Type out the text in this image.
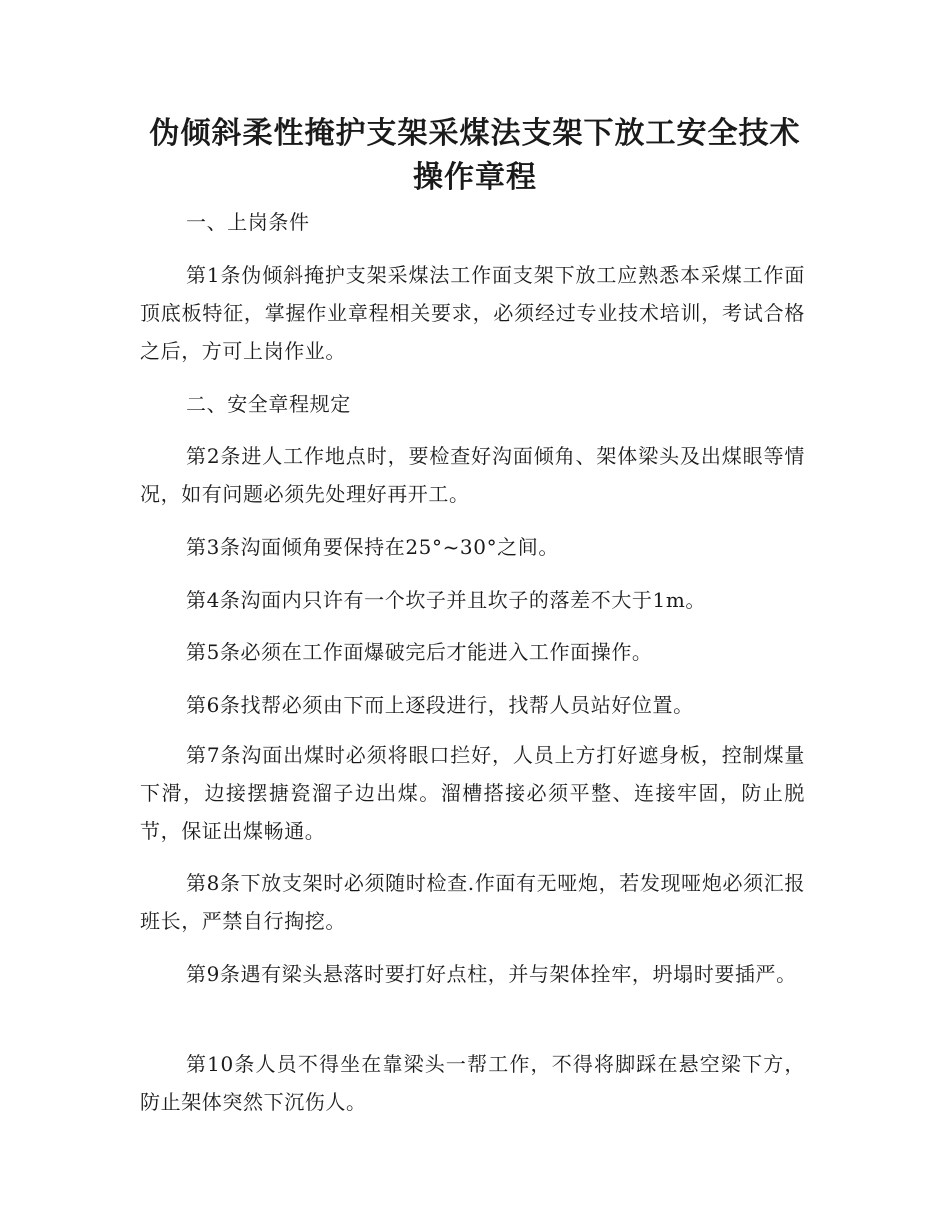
伪倾斜柔性掩护支架采煤法支架下放工安全技术操作章程

一、上岗条件

第1条伪倾斜掩护支架采煤法工作面支架下放工应熟悉本采煤工作面顶底板特征，掌握作业章程相关要求，必须经过专业技术培训，考试合格之后，方可上岗作业。

二、安全章程规定

第2条进人工作地点时，要检查好沟面倾角、架体梁头及出煤眼等情况，如有问题必须先处理好再开工。

第3条沟面倾角要保持在25°~30°之间。

第4条沟面内只许有一个坎子并且坎子的落差不大于1m。

第5条必须在工作面爆破完后才能进入工作面操作。

第6条找帮必须由下而上逐段进行，找帮人员站好位置。

第7条沟面出煤时必须将眼口拦好，人员上方打好遮身板，控制煤量下滑，边接摆搪瓷溜子边出煤。溜槽搭接必须平整、连接牢固，防止脱节，保证出煤畅通。

第8条下放支架时必须随时检查.作面有无哑炮，若发现哑炮必须汇报班长，严禁自行掏挖。

第9条遇有梁头悬落时要打好点柱，并与架体拴牢，坍塌时要插严。

第10条人员不得坐在靠梁头一帮工作，不得将脚踩在悬空梁下方，防止架体突然下沉伤人。
